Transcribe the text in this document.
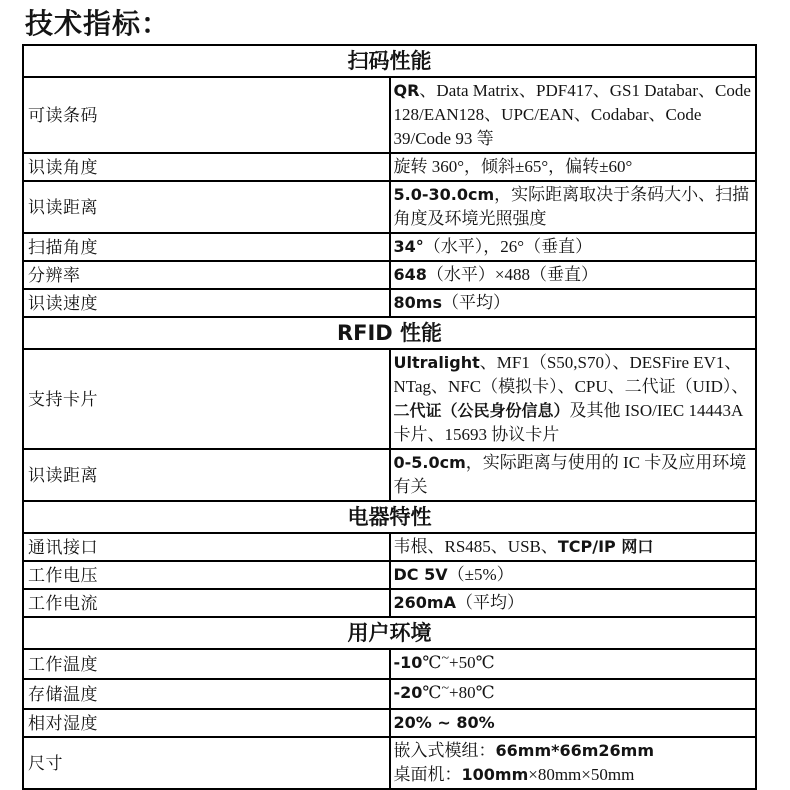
技术指标：
扫码性能	
可读条码	QR、Data Matrix、PDF417、GS1 Databar、Code 128/EAN128、UPC/EAN、Codabar、Code 39/Code 93 等

识读角度	旋转 360°，倾斜±65°，偏转±60°

识读距离	5.0-30.0cm，实际距离取决于条码大小、扫描角度及环境光照强度

扫描角度	34°（水平），26°（垂直）

分辨率	648（水平）×488（垂直）

识读速度	80ms（平均）

RFID 性能	
支持卡片	Ultralight、MF1（S50,S70）、DESFire EV1、NTag、NFC（模拟卡）、CPU、二代证（UID）、二代证（公民身份信息）及其他 ISO/IEC 14443A 卡片、15693 协议卡片

识读距离	0-5.0cm，实际距离与使用的 IC 卡及应用环境有关

电器特性	
通讯接口	韦根、RS485、USB、TCP/IP 网口

工作电压	DC 5V（±5%）

工作电流	260mA（平均）

用户环境	
工作温度	-10℃~+50℃

存储温度	-20℃~+80℃

相对湿度	20% ~ 80%

尺寸	嵌入式模组：66mm*66m26mm
桌面机：100mm×80mm×50mm
